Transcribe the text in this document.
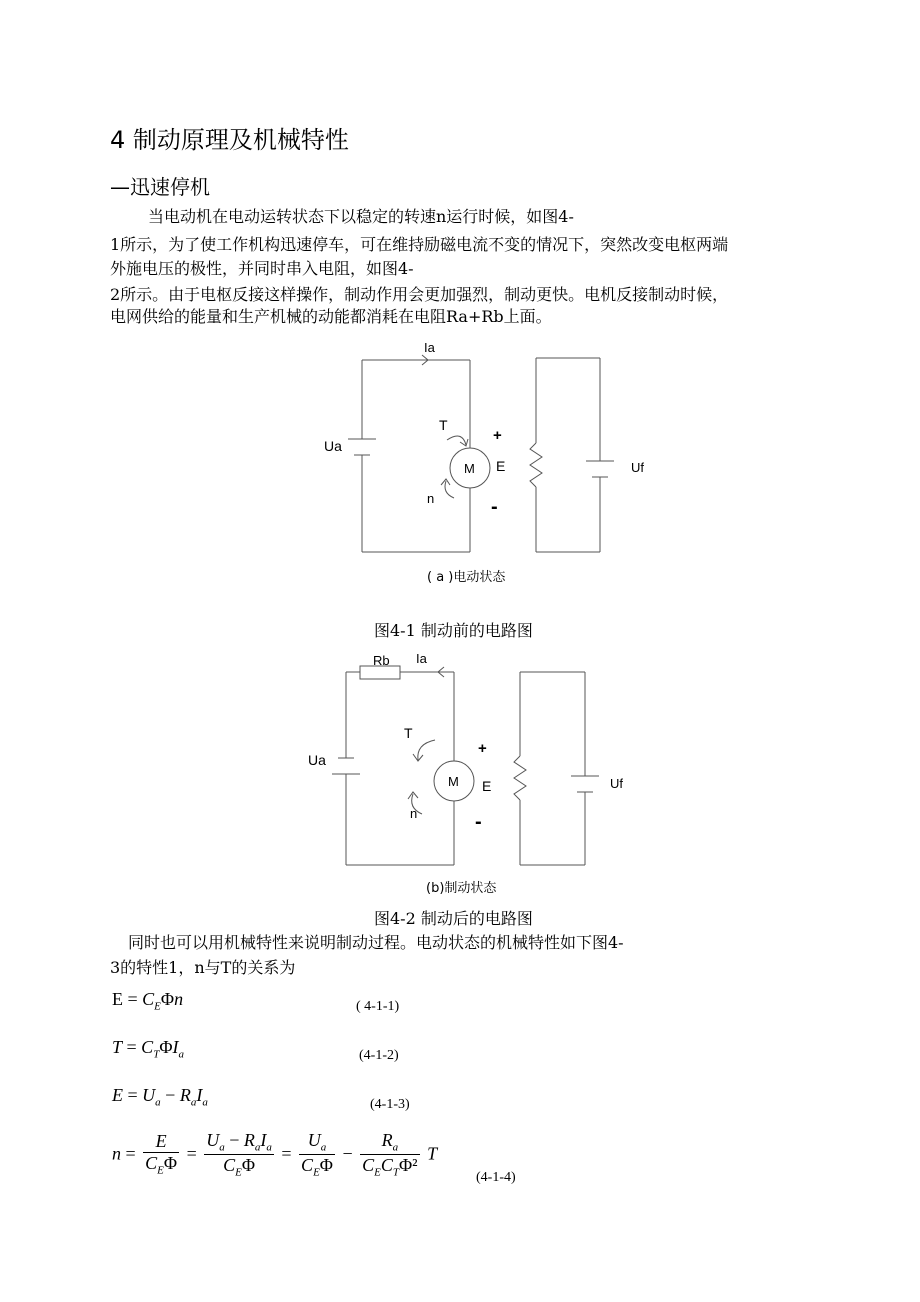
4 制动原理及机械特性
—迅速停机
当电动机在电动运转状态下以稳定的转速n运行时候，如图4-
1所示，为了使工作机构迅速停车，可在维持励磁电流不变的情况下，突然改变电枢两端
外施电压的极性，并同时串入电阻，如图4-
2所示。由于电枢反接这样操作，制动作用会更加强烈，制动更快。电机反接制动时候，
电网供给的能量和生产机械的动能都消耗在电阻Ra+Rb上面。
Ia
T
+
Ua
M E	Uf
n	-
( a )电动状态
图4-1 制动前的电路图
Rb Ia
T
+
Ua
M E	Uf
n	-
(b)制动状态
图4-2 制动后的电路图
同时也可以用机械特性来说明制动过程。电动状态的机械特性如下图4-
3的特性1，n与T的关系为
$E = C_E\Phi n$	( 4-1-1)
$T = C_T\Phi I_a$	(4-1-2)
$E = U_a - R_aI_a$	(4-1-3)
$n = \frac{E}{C_E\Phi} = \frac{U_a - R_aI_a}{C_E\Phi} = \frac{U_a}{C_E\Phi} - \frac{R_a}{C_EC_T\Phi^2}$ T
(4-1-4)
